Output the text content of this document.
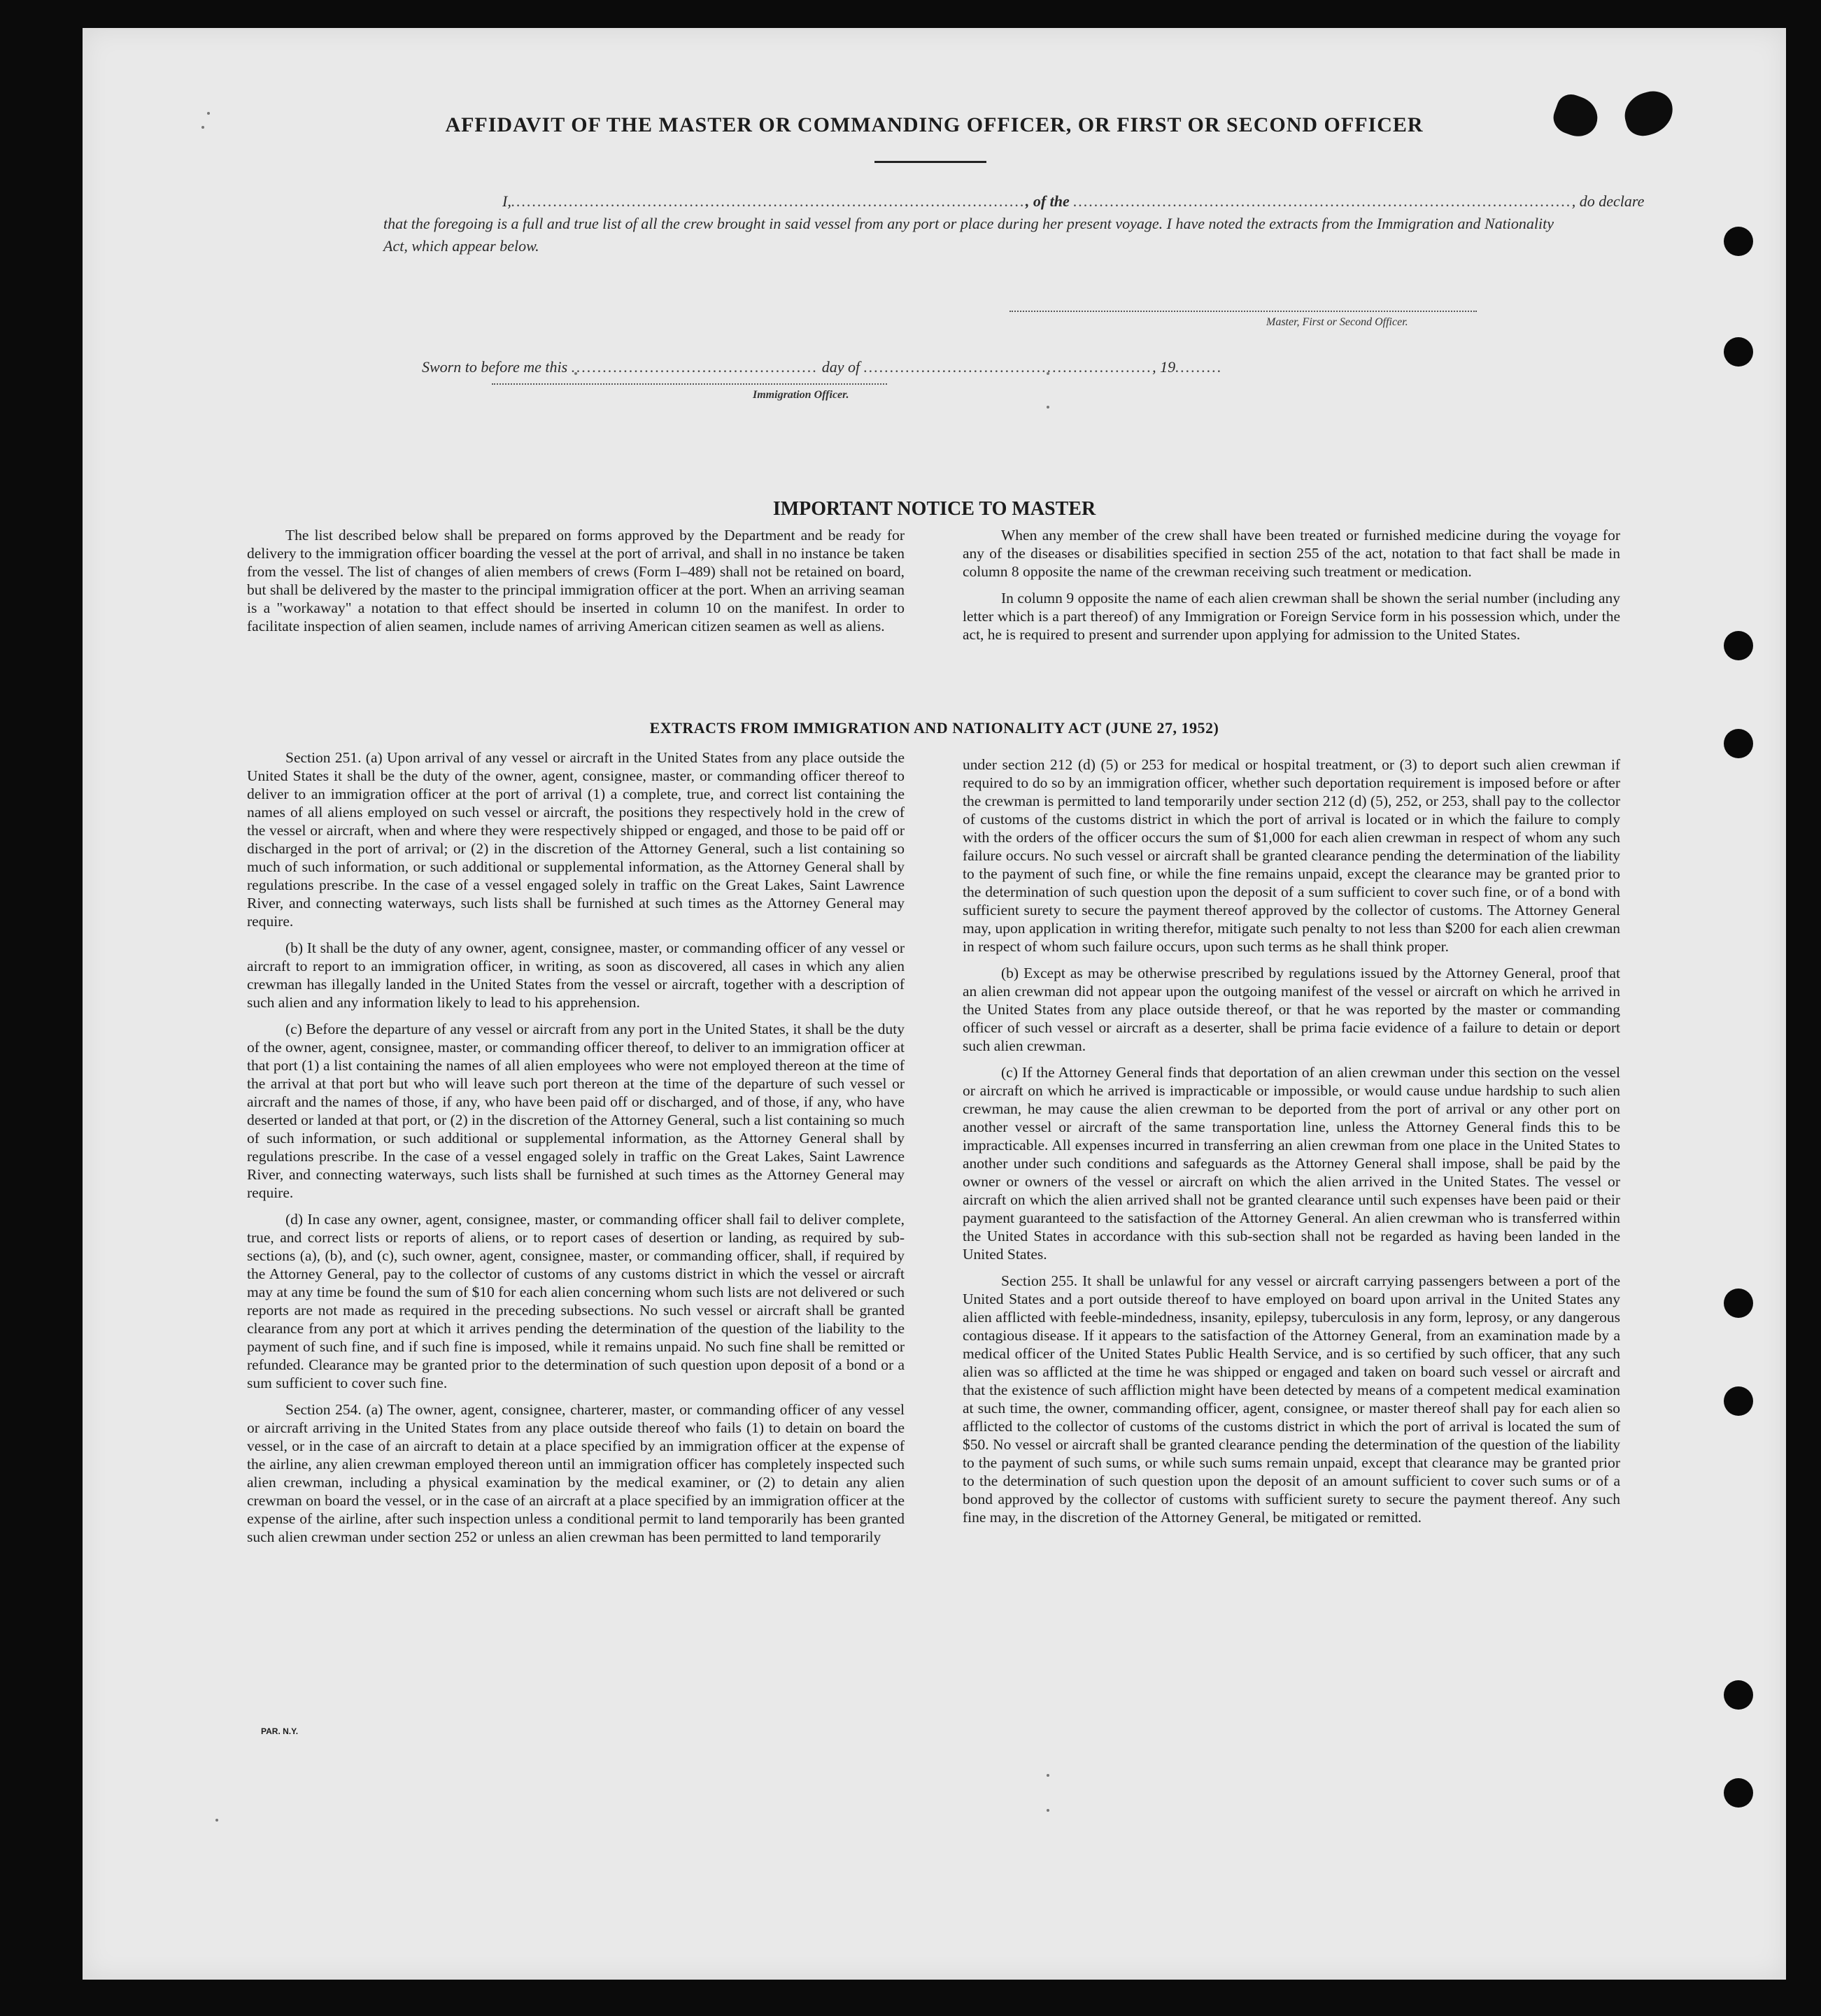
AFFIDAVIT OF THE MASTER OR COMMANDING OFFICER, OR FIRST OR SECOND OFFICER
I,.................................................................................................., of the ..............................................................................................., do declare
that the foregoing is a full and true list of all the crew brought in said vessel from any port or place during her present voyage. I have noted the extracts from the Immigration and Nationality Act, which appear below.
Master, First or Second Officer.
Sworn to before me this ............................................... day of ......................................................., 19.........
Immigration Officer.
IMPORTANT NOTICE TO MASTER

The list described below shall be prepared on forms approved by the Department and be ready for delivery to the immigration officer boarding the vessel at the port of arrival, and shall in no instance be taken from the vessel. The list of changes of alien members of crews (Form I–489) shall not be retained on board, but shall be delivered by the master to the principal immigration officer at the port. When an arriving seaman is a "workaway" a notation to that effect should be inserted in column 10 on the manifest. In order to facilitate inspection of alien seamen, include names of arriving American citizen seamen as well as aliens.

When any member of the crew shall have been treated or furnished medicine during the voyage for any of the diseases or disabilities specified in section 255 of the act, notation to that fact shall be made in column 8 opposite the name of the crewman receiving such treatment or medication.

In column 9 opposite the name of each alien crewman shall be shown the serial number (including any letter which is a part thereof) of any Immigration or Foreign Service form in his possession which, under the act, he is required to present and surrender upon applying for admission to the United States.

EXTRACTS FROM IMMIGRATION AND NATIONALITY ACT (JUNE 27, 1952)

Section 251. (a) Upon arrival of any vessel or aircraft in the United States from any place outside the United States it shall be the duty of the owner, agent, consignee, master, or commanding officer thereof to deliver to an immigration officer at the port of arrival (1) a complete, true, and correct list containing the names of all aliens employed on such vessel or aircraft, the positions they respectively hold in the crew of the vessel or aircraft, when and where they were respectively shipped or engaged, and those to be paid off or discharged in the port of arrival; or (2) in the discretion of the Attorney General, such a list containing so much of such information, or such additional or supplemental information, as the Attorney General shall by regulations prescribe. In the case of a vessel engaged solely in traffic on the Great Lakes, Saint Lawrence River, and connecting waterways, such lists shall be furnished at such times as the Attorney General may require.

(b) It shall be the duty of any owner, agent, consignee, master, or commanding officer of any vessel or aircraft to report to an immigration officer, in writing, as soon as discovered, all cases in which any alien crewman has illegally landed in the United States from the vessel or aircraft, together with a description of such alien and any information likely to lead to his apprehension.

(c) Before the departure of any vessel or aircraft from any port in the United States, it shall be the duty of the owner, agent, consignee, master, or commanding officer thereof, to deliver to an immigration officer at that port (1) a list containing the names of all alien employees who were not employed thereon at the time of the arrival at that port but who will leave such port thereon at the time of the departure of such vessel or aircraft and the names of those, if any, who have been paid off or discharged, and of those, if any, who have deserted or landed at that port, or (2) in the discretion of the Attorney General, such a list containing so much of such information, or such additional or supplemental information, as the Attorney General shall by regulations prescribe. In the case of a vessel engaged solely in traffic on the Great Lakes, Saint Lawrence River, and connecting waterways, such lists shall be furnished at such times as the Attorney General may require.

(d) In case any owner, agent, consignee, master, or commanding officer shall fail to deliver complete, true, and correct lists or reports of aliens, or to report cases of desertion or landing, as required by sub-sections (a), (b), and (c), such owner, agent, consignee, master, or commanding officer, shall, if required by the Attorney General, pay to the collector of customs of any customs district in which the vessel or aircraft may at any time be found the sum of $10 for each alien concerning whom such lists are not delivered or such reports are not made as required in the preceding subsections. No such vessel or aircraft shall be granted clearance from any port at which it arrives pending the determination of the question of the liability to the payment of such fine, and if such fine is imposed, while it remains unpaid. No such fine shall be remitted or refunded. Clearance may be granted prior to the determination of such question upon deposit of a bond or a sum sufficient to cover such fine.

Section 254. (a) The owner, agent, consignee, charterer, master, or commanding officer of any vessel or aircraft arriving in the United States from any place outside thereof who fails (1) to detain on board the vessel, or in the case of an aircraft to detain at a place specified by an immigration officer at the expense of the airline, any alien crewman employed thereon until an immigration officer has completely inspected such alien crewman, including a physical examination by the medical examiner, or (2) to detain any alien crewman on board the vessel, or in the case of an aircraft at a place specified by an immigration officer at the expense of the airline, after such inspection unless a conditional permit to land temporarily has been granted such alien crewman under section 252 or unless an alien crewman has been permitted to land temporarily

under section 212 (d) (5) or 253 for medical or hospital treatment, or (3) to deport such alien crewman if required to do so by an immigration officer, whether such deportation requirement is imposed before or after the crewman is permitted to land temporarily under section 212 (d) (5), 252, or 253, shall pay to the collector of customs of the customs district in which the port of arrival is located or in which the failure to comply with the orders of the officer occurs the sum of $1,000 for each alien crewman in respect of whom any such failure occurs. No such vessel or aircraft shall be granted clearance pending the determination of the liability to the payment of such fine, or while the fine remains unpaid, except the clearance may be granted prior to the determination of such question upon the deposit of a sum sufficient to cover such fine, or of a bond with sufficient surety to secure the payment thereof approved by the collector of customs. The Attorney General may, upon application in writing therefor, mitigate such penalty to not less than $200 for each alien crewman in respect of whom such failure occurs, upon such terms as he shall think proper.

(b) Except as may be otherwise prescribed by regulations issued by the Attorney General, proof that an alien crewman did not appear upon the outgoing manifest of the vessel or aircraft on which he arrived in the United States from any place outside thereof, or that he was reported by the master or commanding officer of such vessel or aircraft as a deserter, shall be prima facie evidence of a failure to detain or deport such alien crewman.

(c) If the Attorney General finds that deportation of an alien crewman under this section on the vessel or aircraft on which he arrived is impracticable or impossible, or would cause undue hardship to such alien crewman, he may cause the alien crewman to be deported from the port of arrival or any other port on another vessel or aircraft of the same transportation line, unless the Attorney General finds this to be impracticable. All expenses incurred in transferring an alien crewman from one place in the United States to another under such conditions and safeguards as the Attorney General shall impose, shall be paid by the owner or owners of the vessel or aircraft on which the alien arrived in the United States. The vessel or aircraft on which the alien arrived shall not be granted clearance until such expenses have been paid or their payment guaranteed to the satisfaction of the Attorney General. An alien crewman who is transferred within the United States in accordance with this sub-section shall not be regarded as having been landed in the United States.

Section 255. It shall be unlawful for any vessel or aircraft carrying passengers between a port of the United States and a port outside thereof to have employed on board upon arrival in the United States any alien afflicted with feeble-mindedness, insanity, epilepsy, tuberculosis in any form, leprosy, or any dangerous contagious disease. If it appears to the satisfaction of the Attorney General, from an examination made by a medical officer of the United States Public Health Service, and is so certified by such officer, that any such alien was so afflicted at the time he was shipped or engaged and taken on board such vessel or aircraft and that the existence of such affliction might have been detected by means of a competent medical examination at such time, the owner, commanding officer, agent, consignee, or master thereof shall pay for each alien so afflicted to the collector of customs of the customs district in which the port of arrival is located the sum of $50. No vessel or aircraft shall be granted clearance pending the determination of the question of the liability to the payment of such sums, or while such sums remain unpaid, except that clearance may be granted prior to the determination of such question upon the deposit of an amount sufficient to cover such sums or of a bond approved by the collector of customs with sufficient surety to secure the payment thereof. Any such fine may, in the discretion of the Attorney General, be mitigated or remitted.

PAR. N.Y.
